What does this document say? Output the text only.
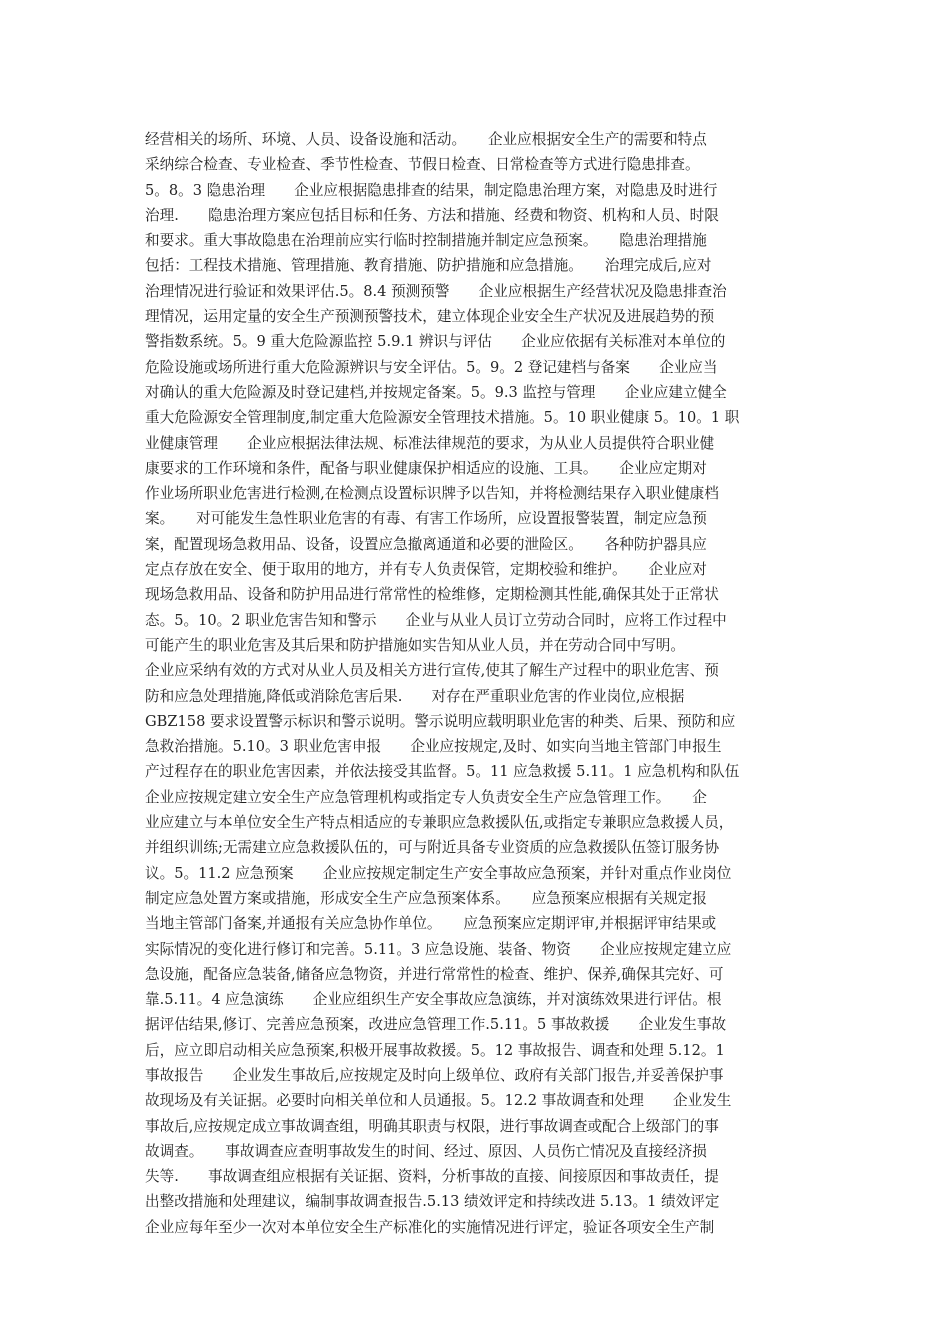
经营相关的场所、环境、人员、设备设施和活动。　　企业应根据安全生产的需要和特点
采纳综合检查、专业检查、季节性检查、节假日检查、日常检查等方式进行隐患排查。
5。8。3 隐患治理　　企业应根据隐患排查的结果，制定隐患治理方案，对隐患及时进行
治理.　　隐患治理方案应包括目标和任务、方法和措施、经费和物资、机构和人员、时限
和要求。重大事故隐患在治理前应实行临时控制措施并制定应急预案。　　隐患治理措施
包括：工程技术措施、管理措施、教育措施、防护措施和应急措施。　　治理完成后,应对
治理情况进行验证和效果评估.5。8.4 预测预警　　企业应根据生产经营状况及隐患排查治
理情况，运用定量的安全生产预测预警技术，建立体现企业安全生产状况及进展趋势的预
警指数系统。5。9 重大危险源监控 5.9.1 辨识与评估　　企业应依据有关标准对本单位的
危险设施或场所进行重大危险源辨识与安全评估。5。9。2 登记建档与备案　　企业应当
对确认的重大危险源及时登记建档,并按规定备案。5。9.3 监控与管理　　企业应建立健全
重大危险源安全管理制度,制定重大危险源安全管理技术措施。5。10 职业健康 5。10。1 职
业健康管理　　企业应根据法律法规、标准法律规范的要求，为从业人员提供符合职业健
康要求的工作环境和条件，配备与职业健康保护相适应的设施、工具。　　企业应定期对
作业场所职业危害进行检测,在检测点设置标识牌予以告知，并将检测结果存入职业健康档
案。　　对可能发生急性职业危害的有毒、有害工作场所，应设置报警装置，制定应急预
案，配置现场急救用品、设备，设置应急撤离通道和必要的泄险区。　　各种防护器具应
定点存放在安全、便于取用的地方，并有专人负责保管，定期校验和维护。　　企业应对
现场急救用品、设备和防护用品进行常常性的检维修，定期检测其性能,确保其处于正常状
态。5。10。2 职业危害告知和警示　　企业与从业人员订立劳动合同时，应将工作过程中
可能产生的职业危害及其后果和防护措施如实告知从业人员，并在劳动合同中写明。
企业应采纳有效的方式对从业人员及相关方进行宣传,使其了解生产过程中的职业危害、预
防和应急处理措施,降低或消除危害后果.　　对存在严重职业危害的作业岗位,应根据
GBZ158 要求设置警示标识和警示说明。警示说明应载明职业危害的种类、后果、预防和应
急救治措施。5.10。3 职业危害申报　　企业应按规定,及时、如实向当地主管部门申报生
产过程存在的职业危害因素，并依法接受其监督。5。11 应急救援 5.11。1 应急机构和队伍
企业应按规定建立安全生产应急管理机构或指定专人负责安全生产应急管理工作。　　企
业应建立与本单位安全生产特点相适应的专兼职应急救援队伍,或指定专兼职应急救援人员，
并组织训练;无需建立应急救援队伍的，可与附近具备专业资质的应急救援队伍签订服务协
议。5。11.2 应急预案　　企业应按规定制定生产安全事故应急预案，并针对重点作业岗位
制定应急处置方案或措施，形成安全生产应急预案体系。　　应急预案应根据有关规定报
当地主管部门备案,并通报有关应急协作单位。　　应急预案应定期评审,并根据评审结果或
实际情况的变化进行修订和完善。5.11。3 应急设施、装备、物资　　企业应按规定建立应
急设施，配备应急装备,储备应急物资，并进行常常性的检查、维护、保养,确保其完好、可
靠.5.11。4 应急演练　　企业应组织生产安全事故应急演练，并对演练效果进行评估。根
据评估结果,修订、完善应急预案，改进应急管理工作.5.11。5 事故救援　　企业发生事故
后，应立即启动相关应急预案,积极开展事故救援。5。12 事故报告、调查和处理 5.12。1
事故报告　　企业发生事故后,应按规定及时向上级单位、政府有关部门报告,并妥善保护事
故现场及有关证据。必要时向相关单位和人员通报。5。12.2 事故调查和处理　　企业发生
事故后,应按规定成立事故调查组，明确其职责与权限，进行事故调查或配合上级部门的事
故调查。　　事故调查应查明事故发生的时间、经过、原因、人员伤亡情况及直接经济损
失等.　　事故调查组应根据有关证据、资料，分析事故的直接、间接原因和事故责任，提
出整改措施和处理建议，编制事故调查报告.5.13 绩效评定和持续改进 5.13。1 绩效评定
企业应每年至少一次对本单位安全生产标准化的实施情况进行评定，验证各项安全生产制
